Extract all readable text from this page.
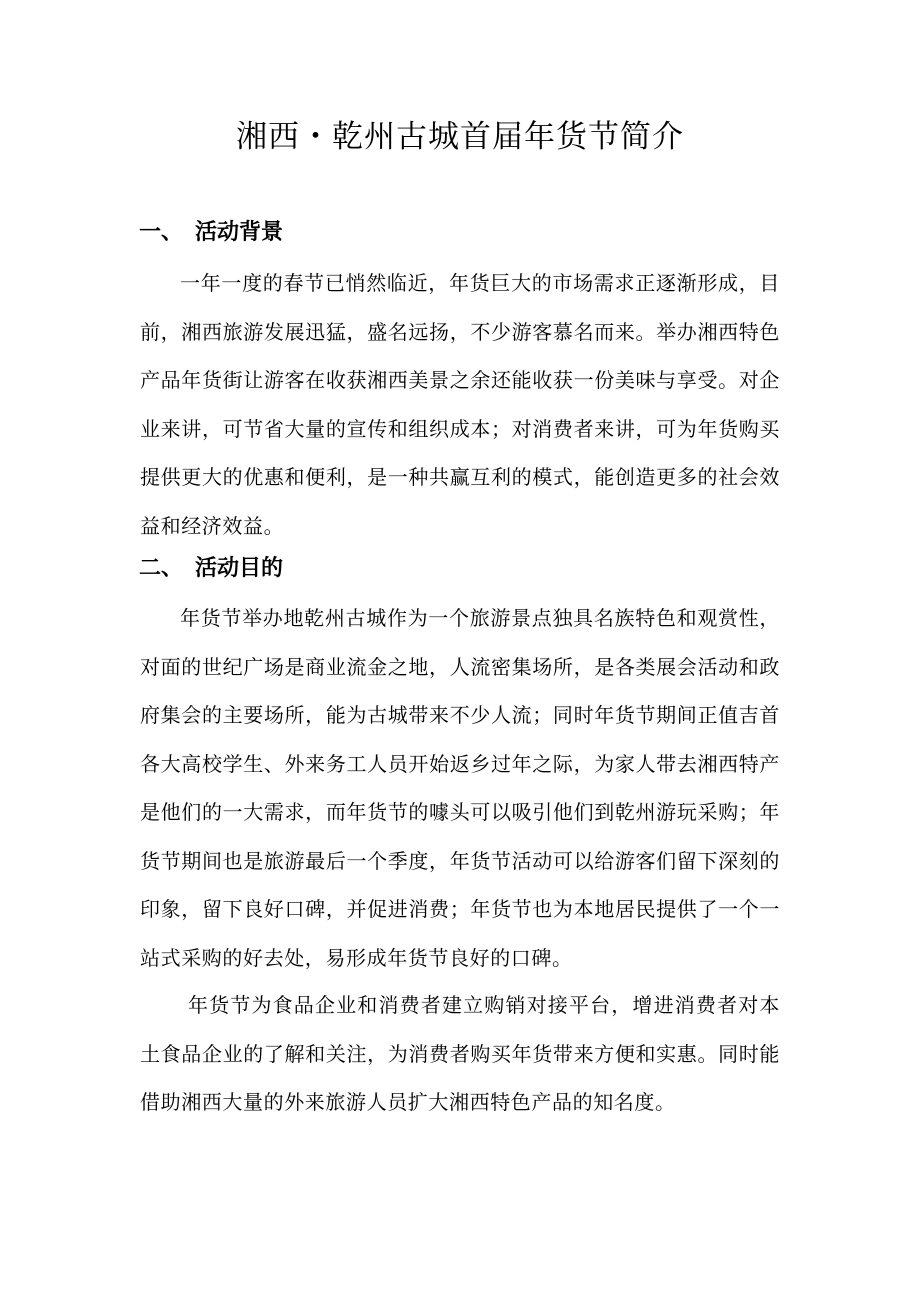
湘西・乾州古城首届年货节简介
一、 活动背景

一年一度的春节已悄然临近，年货巨大的市场需求正逐渐形成，目前，湘西旅游发展迅猛，盛名远扬，不少游客慕名而来。举办湘西特色产品年货街让游客在收获湘西美景之余还能收获一份美味与享受。对企业来讲，可节省大量的宣传和组织成本；对消费者来讲，可为年货购买提供更大的优惠和便利，是一种共赢互利的模式，能创造更多的社会效益和经济效益。

二、 活动目的

年货节举办地乾州古城作为一个旅游景点独具名族特色和观赏性，对面的世纪广场是商业流金之地，人流密集场所，是各类展会活动和政府集会的主要场所，能为古城带来不少人流；同时年货节期间正值吉首各大高校学生、外来务工人员开始返乡过年之际，为家人带去湘西特产是他们的一大需求，而年货节的噱头可以吸引他们到乾州游玩采购；年货节期间也是旅游最后一个季度，年货节活动可以给游客们留下深刻的印象，留下良好口碑，并促进消费；年货节也为本地居民提供了一个一站式采购的好去处，易形成年货节良好的口碑。

年货节为食品企业和消费者建立购销对接平台，增进消费者对本土食品企业的了解和关注，为消费者购买年货带来方便和实惠。同时能借助湘西大量的外来旅游人员扩大湘西特色产品的知名度。
